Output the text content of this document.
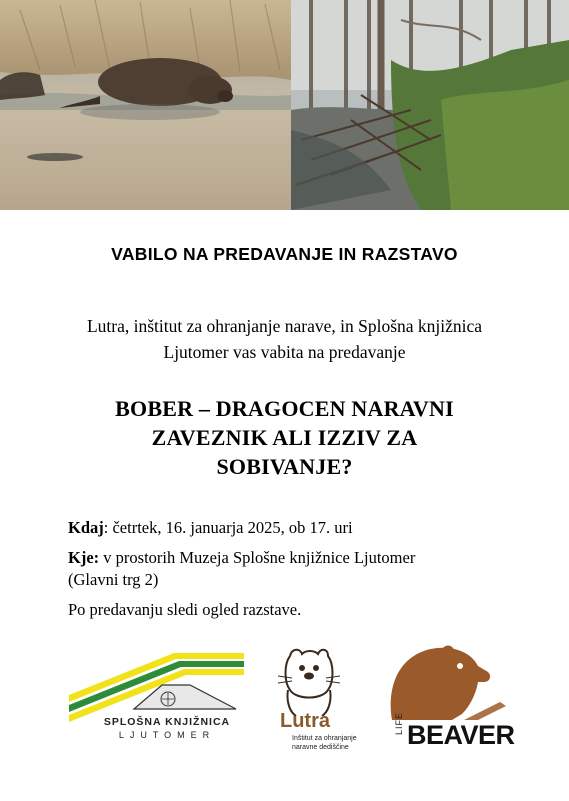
VABILO NA PREDAVANJE IN RAZSTAVO
Lutra, inštitut za ohranjanje narave, in Splošna knjižnica
Ljutomer vas vabita na predavanje
BOBER – DRAGOCEN NARAVNI
ZAVEZNIK ALI IZZIV ZA
SOBIVANJE?

Kdaj: četrtek, 16. januarja 2025, ob 17. uri

Kje: v prostorih Muzeja Splošne knjižnice Ljutomer
(Glavni trg 2)

Po predavanju sledi ogled razstave.

SPLOŠNA KNJIŽNICA
LJUTOMER
Lutra
Inštitut za ohranjanje
naravne dediščine
LIFE BEAVER
